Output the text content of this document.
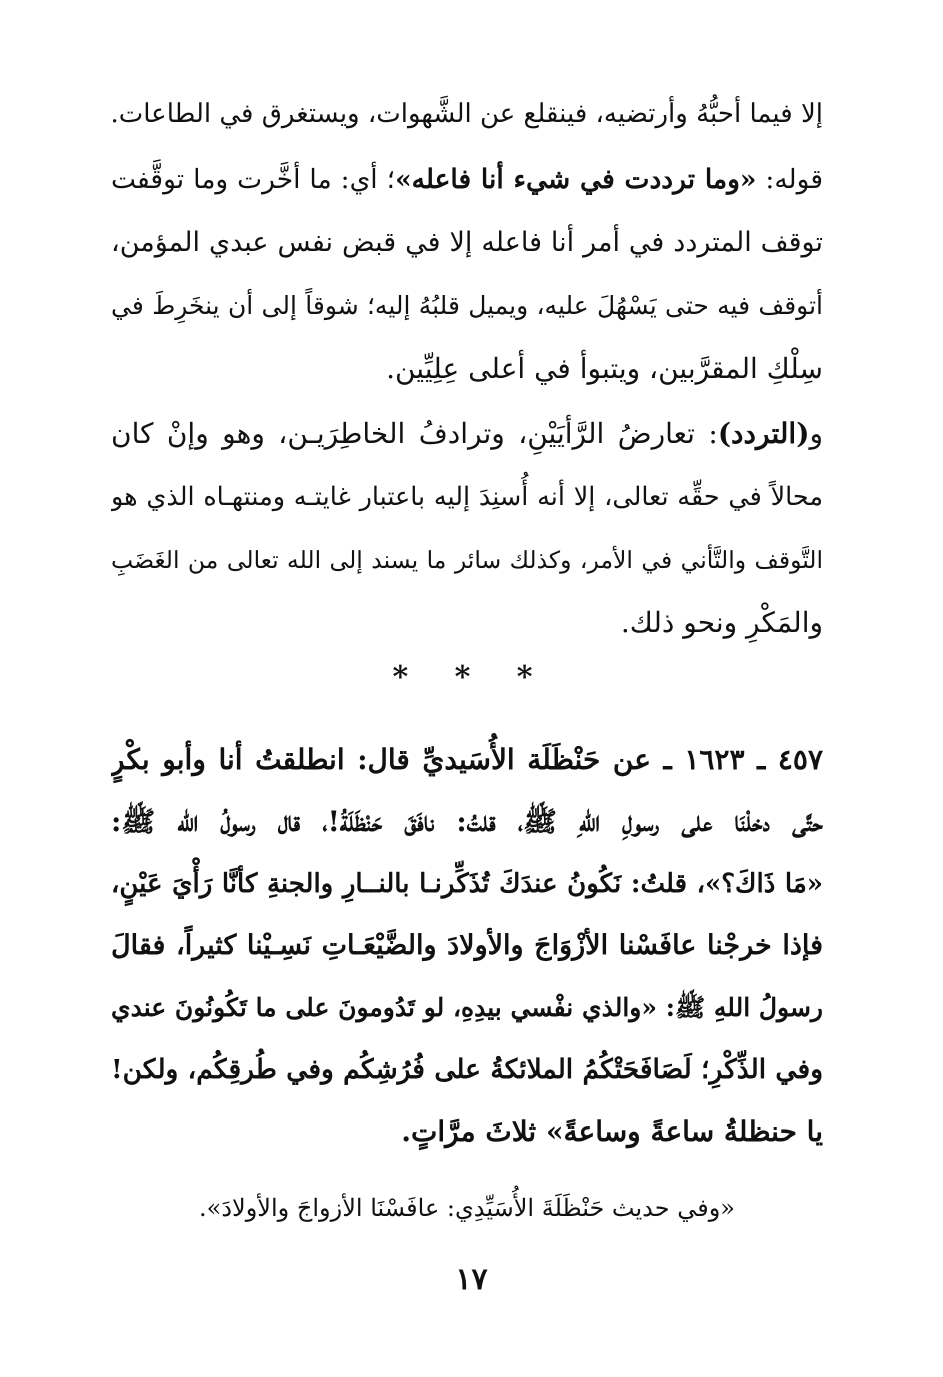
إلا فيما أحبُّهُ وأرتضيه، فينقلع عن الشَّهوات، ويستغرق في الطاعات.
قوله: «وما ترددت في شيء أنا فاعله»؛ أي: ما أخَّرت وما توقَّفت
توقف المتردد في أمر أنا فاعله إلا في قبض نفس عبدي المؤمن،
أتوقف فيه حتى يَسْهُلَ عليه، ويميل قلبُهُ إليه؛ شوقاً إلى أن ينخَرِطَ في
سِلْكِ المقرَّبين، ويتبوأ في أعلى عِلِيِّين.
و(التردد): تعارضُ الرَّأيَيْنِ، وترادفُ الخاطِرَيـن، وهو وإنْ كان
محالاً في حقِّه تعالى، إلا أنه أُسنِدَ إليه باعتبار غايتـه ومنتهـاه الذي هو
التَّوقف والتَّأني في الأمر، وكذلك سائر ما يسند إلى الله تعالى من الغَضَبِ
والمَكْرِ ونحو ذلك.
* * *
٤٥٧ ـ ١٦٢٣ ـ عن حَنْظَلَة الأُسَيديِّ قال: انطلقتُ أنا وأبو بكْرٍ
حتَّى دخلْنَا على رسولِ اللهِ ﷺ، قلتُ: نافَقَ حَنْظَلَةُ!، قال رسولُ الله ﷺ:
«مَا ذَاكَ؟»، قلتُ: نَكُونُ عندَكَ تُذَكِّرنـا بالنــارِ والجنةِ كأنَّا رَأْيَ عَيْنٍ،
فإذا خرجْنا عافَسْنا الأزْوَاجَ والأولادَ والضَّيْعَـاتِ نَسِـيْنا كثيراً، فقالَ
رسولُ اللهِ ﷺ: «والذي نفْسي بيدِهِ، لو تَدُومونَ على ما تَكُونُونَ عندي
وفي الذِّكْرِ؛ لَصَافَحَتْكُمُ الملائكةُ على فُرُشِكُم وفي طُرقِكُم، ولكن!
يا حنظلةُ ساعةً وساعةً» ثلاثَ مرَّاتٍ.
«وفي حديث حَنْظَلَةَ الأُسَيِّدِي: عافَسْنَا الأزواجَ والأولادَ».
١٧
